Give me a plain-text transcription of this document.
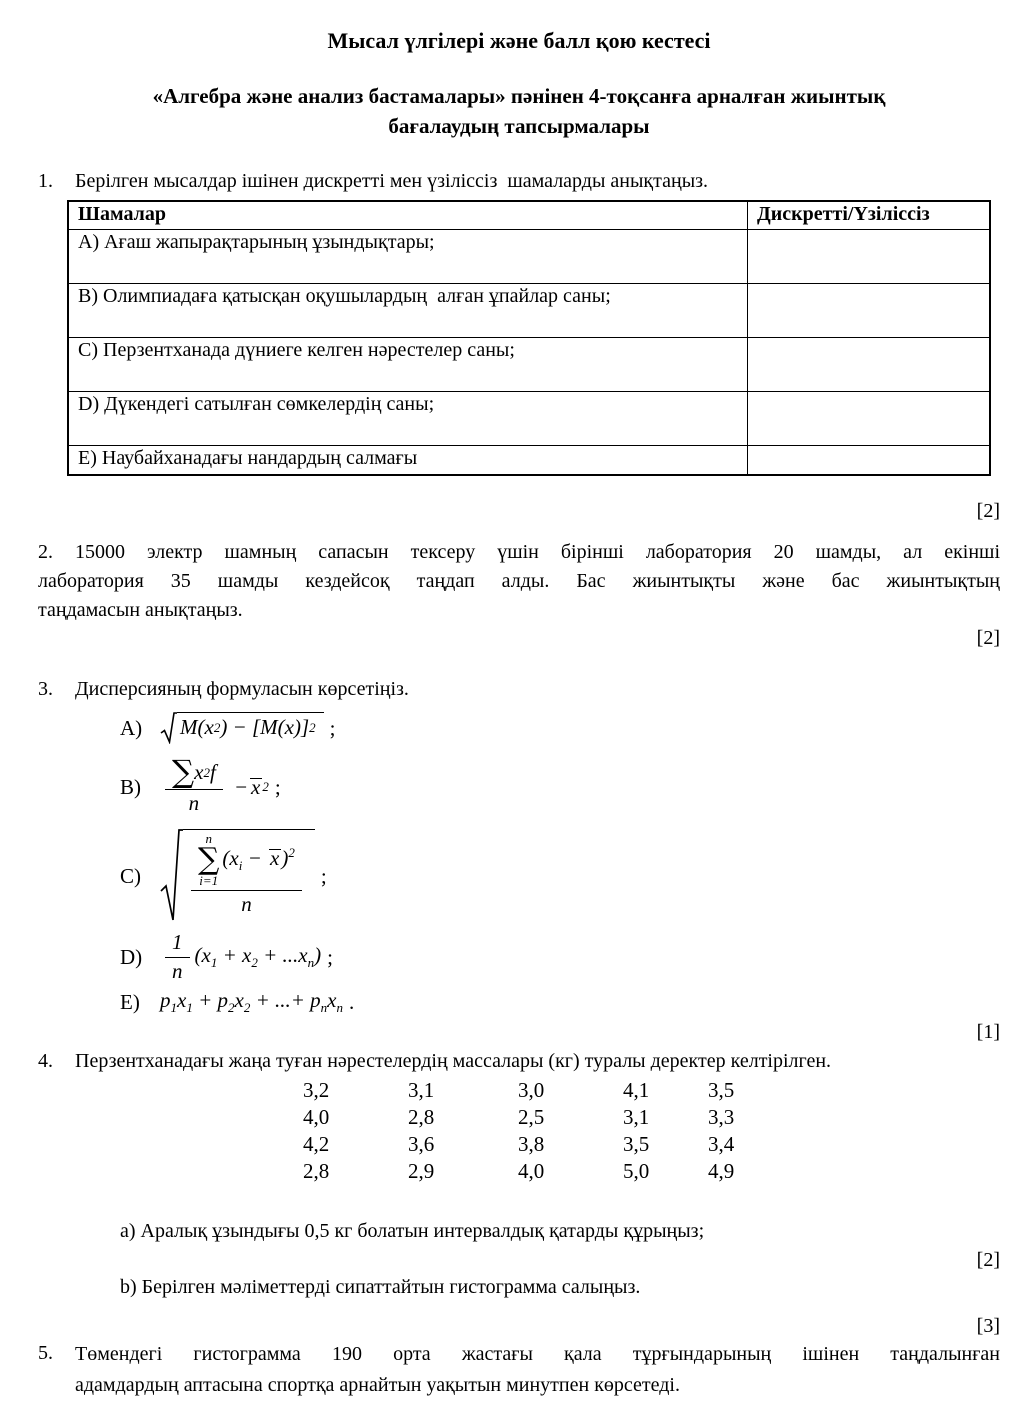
Мысал үлгілері және балл қою кестесі
«Алгебра және анализ бастамалары» пәнінен 4-тоқсанға арналған жиынтық
бағалаудың тапсырмалары
1.	Берілген мысалдар ішінен дискретті мен үзіліссіз  шамаларды анықтаңыз.
Шамалар	Дискретті/Үзіліссіз
А) Ағаш жапырақтарының ұзындықтары;	
В) Олимпиадаға қатысқан оқушылардың  алған ұпайлар саны;	
С) Перзентханада дүниеге келген нәрестелер саны;	
D) Дүкендегі сатылған сөмкелердің саны;	
Е) Наубайханадағы нандардың салмағы	
[2]
2. 15000 электр шамның сапасын тексеру үшін бірінші лаборатория 20 шамды, ал екінші
лаборатория 35 шамды кездейсоқ таңдап алды. Бас жиынтықты және бас жиынтықтың
таңдамасын анықтаңыз.
[2]
3.	Дисперсияның формуласын көрсетіңіз.
А)	M(x 2 ) − [M(x)] 2 ;
$В) \frac{\sum x 2 f}{n} - x$ 2 ;
С)
n
∑
i=1
$(x_i - x)^2$
n
;
D)	$\frac{1}{n} (x_1 + x_2 + ...x_n)$ ;
Е) $p_1x_1 + p_2x_2$ + ...+ $p_nx_n$ .
[1]
4.	Перзентханадағы жаңа туған нәрестелердің массалары (кг) туралы деректер келтірілген.
3,2	3,1	3,0	4,1	3,5
4,0	2,8	2,5	3,1	3,3
4,2	3,6	3,8	3,5	3,4
2,8	2,9	4,0	5,0	4,9
a) Аралық ұзындығы 0,5 кг болатын интервалдық қатарды құрыңыз;
[2]
b) Берілген мәліметтерді сипаттайтын гистограмма салыңыз.
[3]
5.	Төмендегі гистограмма 190 орта жастағы қала тұрғындарының ішінен таңдалынған
адамдардың аптасына спортқа арнайтын уақытын минутпен көрсетеді.
